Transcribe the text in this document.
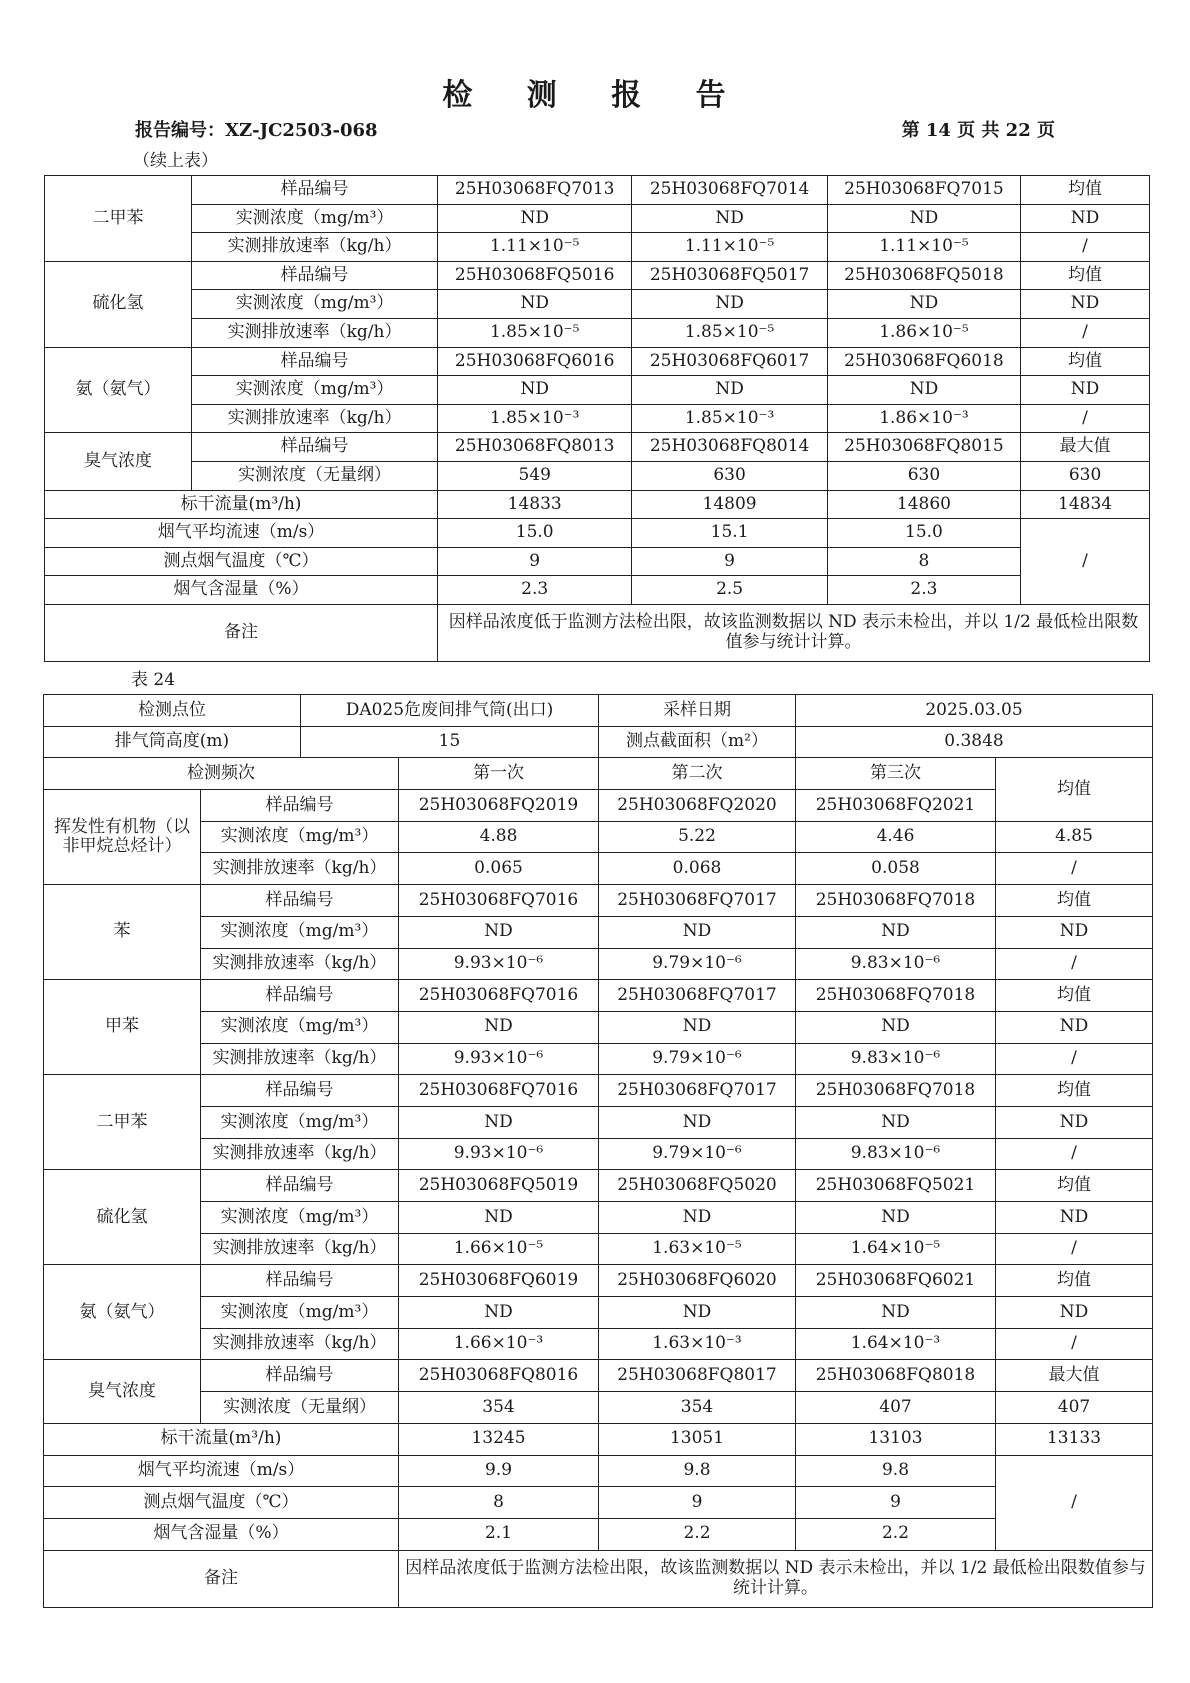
检 测 报 告
报告编号：XZ-JC2503-068	第 14 页 共 22 页
（续上表）
二甲苯	样品编号	25H03068FQ7013	25H03068FQ7014	25H03068FQ7015	均值
	实测浓度（mg/m³）	ND	ND	ND	ND
	实测排放速率（kg/h）	1.11×10⁻⁵	1.11×10⁻⁵	1.11×10⁻⁵	/
硫化氢	样品编号	25H03068FQ5016	25H03068FQ5017	25H03068FQ5018	均值
	实测浓度（mg/m³）	ND	ND	ND	ND
	实测排放速率（kg/h）	1.85×10⁻⁵	1.85×10⁻⁵	1.86×10⁻⁵	/
氨（氨气）	样品编号	25H03068FQ6016	25H03068FQ6017	25H03068FQ6018	均值
	实测浓度（mg/m³）	ND	ND	ND	ND
	实测排放速率（kg/h）	1.85×10⁻³	1.85×10⁻³	1.86×10⁻³	/
臭气浓度	样品编号	25H03068FQ8013	25H03068FQ8014	25H03068FQ8015	最大值
	实测浓度（无量纲）	549	630	630	630
标干流量(m³/h)		14833	14809	14860	14834
烟气平均流速（m/s）		15.0	15.1	15.0	/
测点烟气温度（℃）		9	9	8	
烟气含湿量（%）		2.3	2.5	2.3	
备注		因样品浓度低于监测方法检出限，故该监测数据以 ND 表示未检出，并以 1/2 最低检出限数值参与统计计算。			
表 24
检测点位		DA025危废间排气筒(出口)		采样日期	2025.03.05	
排气筒高度(m)		15		测点截面积（m²）	0.3848	
检测频次			第一次	第二次	第三次	均值
挥发性有机物（以非甲烷总烃计）	样品编号		25H03068FQ2019	25H03068FQ2020	25H03068FQ2021	
	实测浓度（mg/m³）		4.88	5.22	4.46	4.85
	实测排放速率（kg/h）		0.065	0.068	0.058	/
苯	样品编号		25H03068FQ7016	25H03068FQ7017	25H03068FQ7018	均值
	实测浓度（mg/m³）		ND	ND	ND	ND
	实测排放速率（kg/h）		9.93×10⁻⁶	9.79×10⁻⁶	9.83×10⁻⁶	/
甲苯	样品编号		25H03068FQ7016	25H03068FQ7017	25H03068FQ7018	均值
	实测浓度（mg/m³）		ND	ND	ND	ND
	实测排放速率（kg/h）		9.93×10⁻⁶	9.79×10⁻⁶	9.83×10⁻⁶	/
二甲苯	样品编号		25H03068FQ7016	25H03068FQ7017	25H03068FQ7018	均值
	实测浓度（mg/m³）		ND	ND	ND	ND
	实测排放速率（kg/h）		9.93×10⁻⁶	9.79×10⁻⁶	9.83×10⁻⁶	/
硫化氢	样品编号		25H03068FQ5019	25H03068FQ5020	25H03068FQ5021	均值
	实测浓度（mg/m³）		ND	ND	ND	ND
	实测排放速率（kg/h）		1.66×10⁻⁵	1.63×10⁻⁵	1.64×10⁻⁵	/
氨（氨气）	样品编号		25H03068FQ6019	25H03068FQ6020	25H03068FQ6021	均值
	实测浓度（mg/m³）		ND	ND	ND	ND
	实测排放速率（kg/h）		1.66×10⁻³	1.63×10⁻³	1.64×10⁻³	/
臭气浓度	样品编号		25H03068FQ8016	25H03068FQ8017	25H03068FQ8018	最大值
	实测浓度（无量纲）		354	354	407	407
标干流量(m³/h)			13245	13051	13103	13133
烟气平均流速（m/s）			9.9	9.8	9.8	/
测点烟气温度（℃）			8	9	9	
烟气含湿量（%）			2.1	2.2	2.2	
备注			因样品浓度低于监测方法检出限，故该监测数据以 ND 表示未检出，并以 1/2 最低检出限数值参与统计计算。			
